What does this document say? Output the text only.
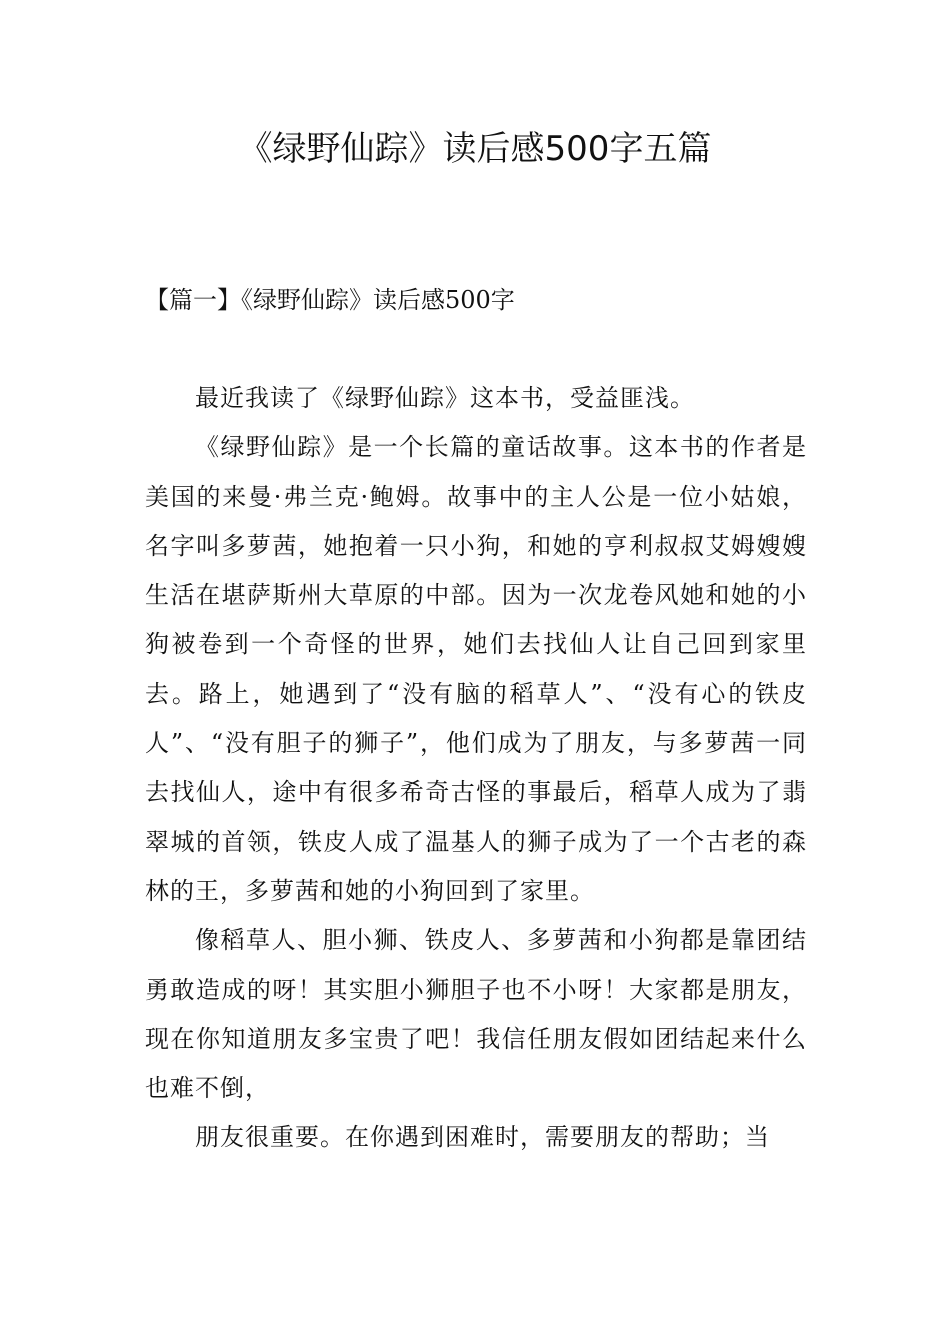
《绿野仙踪》读后感500字五篇
【篇一】《绿野仙踪》读后感500字

最近我读了《绿野仙踪》这本书，受益匪浅。

《绿野仙踪》是一个长篇的童话故事。这本书的作者是美国的来曼·弗兰克·鲍姆。故事中的主人公是一位小姑娘，名字叫多萝茜，她抱着一只小狗，和她的亨利叔叔艾姆嫂嫂生活在堪萨斯州大草原的中部。因为一次龙卷风她和她的小狗被卷到一个奇怪的世界，她们去找仙人让自己回到家里去。路上，她遇到了“没有脑的稻草人”、“没有心的铁皮人”、“没有胆子的狮子”，他们成为了朋友，与多萝茜一同去找仙人，途中有很多希奇古怪的事最后，稻草人成为了翡翠城的首领，铁皮人成了温基人的狮子成为了一个古老的森林的王，多萝茜和她的小狗回到了家里。

像稻草人、胆小狮、铁皮人、多萝茜和小狗都是靠团结勇敢造成的呀！其实胆小狮胆子也不小呀！大家都是朋友，现在你知道朋友多宝贵了吧！我信任朋友假如团结起来什么也难不倒，

朋友很重要。在你遇到困难时，需要朋友的帮助；当
